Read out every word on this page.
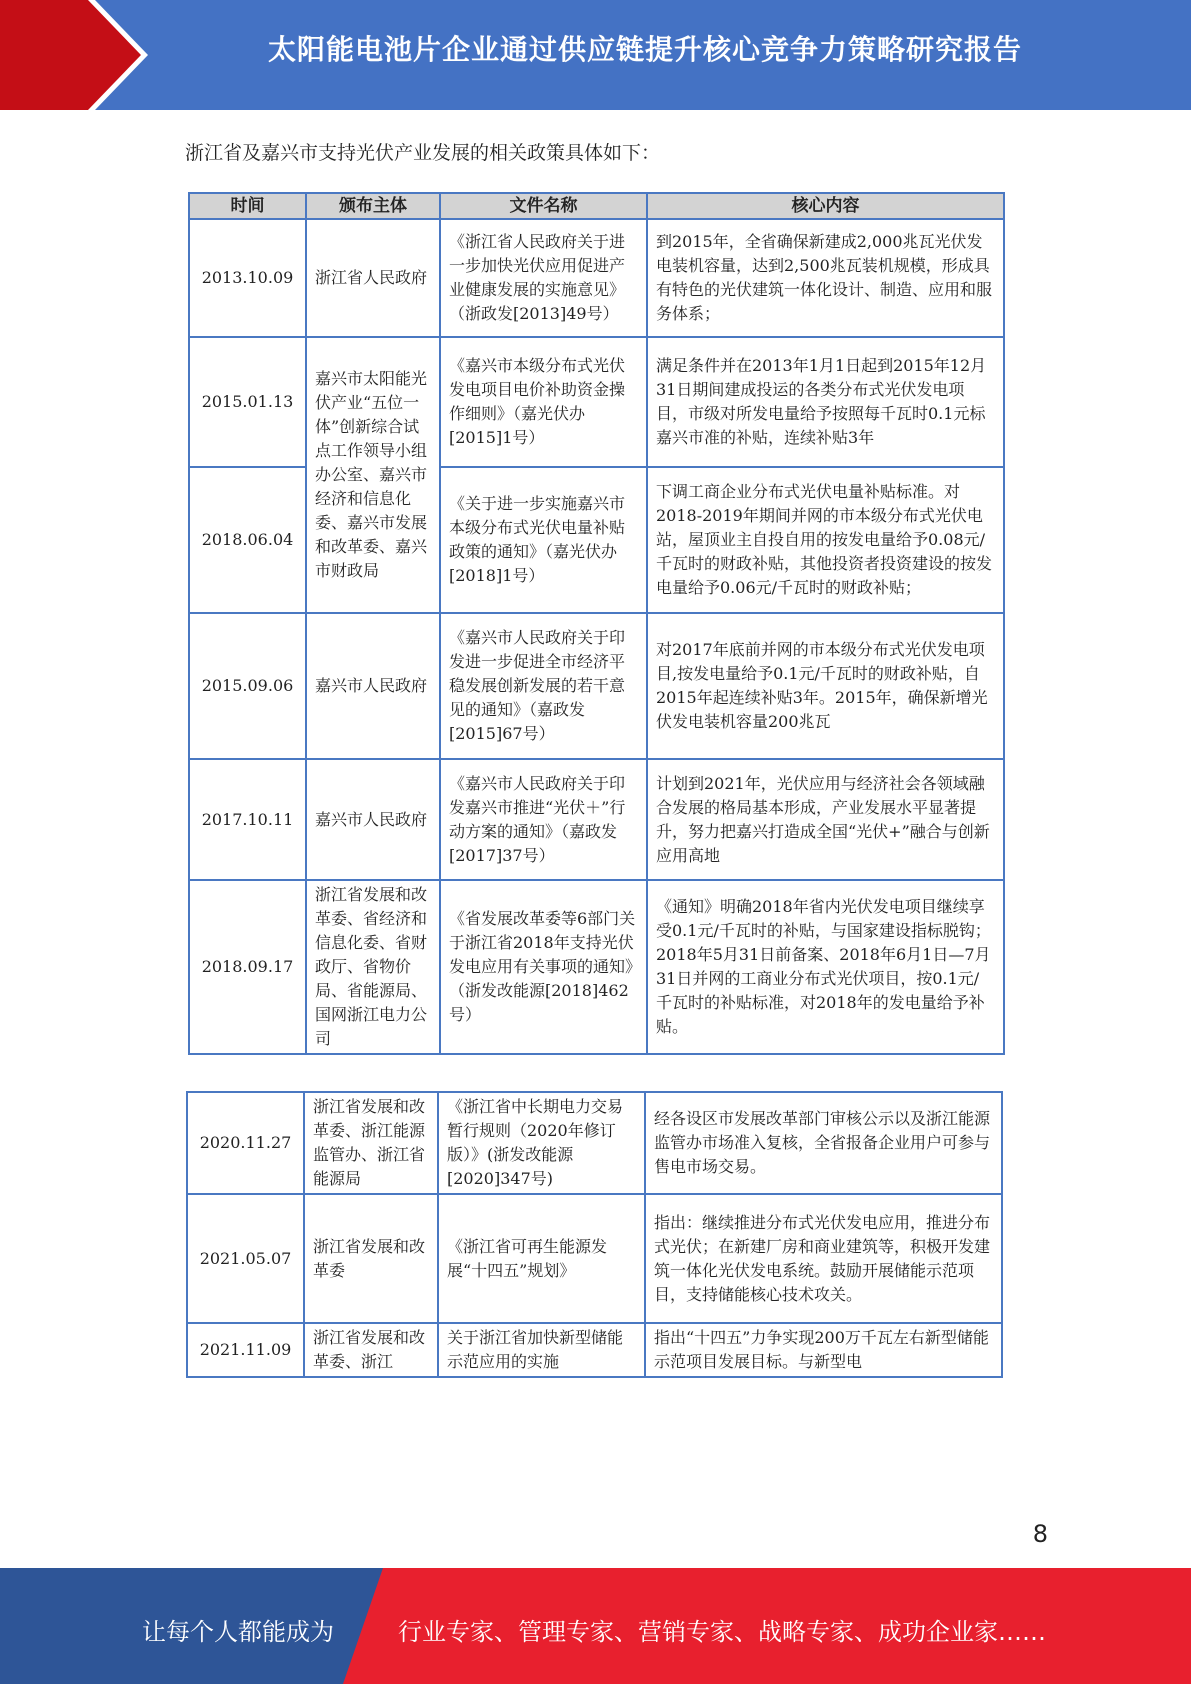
太阳能电池片企业通过供应链提升核心竞争力策略研究报告
浙江省及嘉兴市支持光伏产业发展的相关政策具体如下：
时间	颁布主体	文件名称	核心内容
2013.10.09	浙江省人民政府	《浙江省人民政府关于进一步加快光伏应用促进产业健康发展的实施意见》（浙政发[2013]49号）	到2015年，全省确保新建成2,000兆瓦光伏发电装机容量，达到2,500兆瓦装机规模，形成具有特色的光伏建筑一体化设计、制造、应用和服务体系；
2015.01.13	嘉兴市太阳能光伏产业“五位一体”创新综合试点工作领导小组办公室、嘉兴市经济和信息化委、嘉兴市发展和改革委、嘉兴市财政局	《嘉兴市本级分布式光伏发电项目电价补助资金操作细则》（嘉光伏办[2015]1号）	满足条件并在2013年1月1日起到2015年12月31日期间建成投运的各类分布式光伏发电项目，市级对所发电量给予按照每千瓦时0.1元标嘉兴市准的补贴，连续补贴3年
2018.06.04		《关于进一步实施嘉兴市本级分布式光伏电量补贴政策的通知》（嘉光伏办[2018]1号）	下调工商企业分布式光伏电量补贴标准。对2018-2019年期间并网的市本级分布式光伏电站，屋顶业主自投自用的按发电量给予0.08元/千瓦时的财政补贴，其他投资者投资建设的按发电量给予0.06元/千瓦时的财政补贴；
2015.09.06	嘉兴市人民政府	《嘉兴市人民政府关于印发进一步促进全市经济平稳发展创新发展的若干意见的通知》（嘉政发[2015]67号）	对2017年底前并网的市本级分布式光伏发电项目,按发电量给予0.1元/千瓦时的财政补贴，自2015年起连续补贴3年。2015年，确保新增光伏发电装机容量200兆瓦
2017.10.11	嘉兴市人民政府	《嘉兴市人民政府关于印发嘉兴市推进“光伏＋”行动方案的通知》（嘉政发[2017]37号）	计划到2021年，光伏应用与经济社会各领域融合发展的格局基本形成，产业发展水平显著提升，努力把嘉兴打造成全国“光伏+”融合与创新应用高地
2018.09.17	浙江省发展和改革委、省经济和信息化委、省财政厅、省物价局、省能源局、国网浙江电力公司	《省发展改革委等6部门关于浙江省2018年支持光伏发电应用有关事项的通知》（浙发改能源[2018]462号）	《通知》明确2018年省内光伏发电项目继续享受0.1元/千瓦时的补贴，与国家建设指标脱钩；2018年5月31日前备案、2018年6月1日—7月31日并网的工商业分布式光伏项目，按0.1元/千瓦时的补贴标准，对2018年的发电量给予补贴。
2020.11.27	浙江省发展和改革委、浙江能源监管办、浙江省能源局	《浙江省中长期电力交易暂行规则（2020年修订版）》(浙发改能源[2020]347号)	经各设区市发展改革部门审核公示以及浙江能源监管办市场准入复核，全省报备企业用户可参与售电市场交易。
2021.05.07	浙江省发展和改革委	《浙江省可再生能源发展“十四五”规划》	指出：继续推进分布式光伏发电应用，推进分布式光伏；在新建厂房和商业建筑等，积极开发建筑一体化光伏发电系统。鼓励开展储能示范项目，支持储能核心技术攻关。
2021.11.09	浙江省发展和改革委、浙江	关于浙江省加快新型储能示范应用的实施	指出“十四五”力争实现200万千瓦左右新型储能示范项目发展目标。与新型电
8
让每个人都能成为	行业专家、管理专家、营销专家、战略专家、成功企业家……
